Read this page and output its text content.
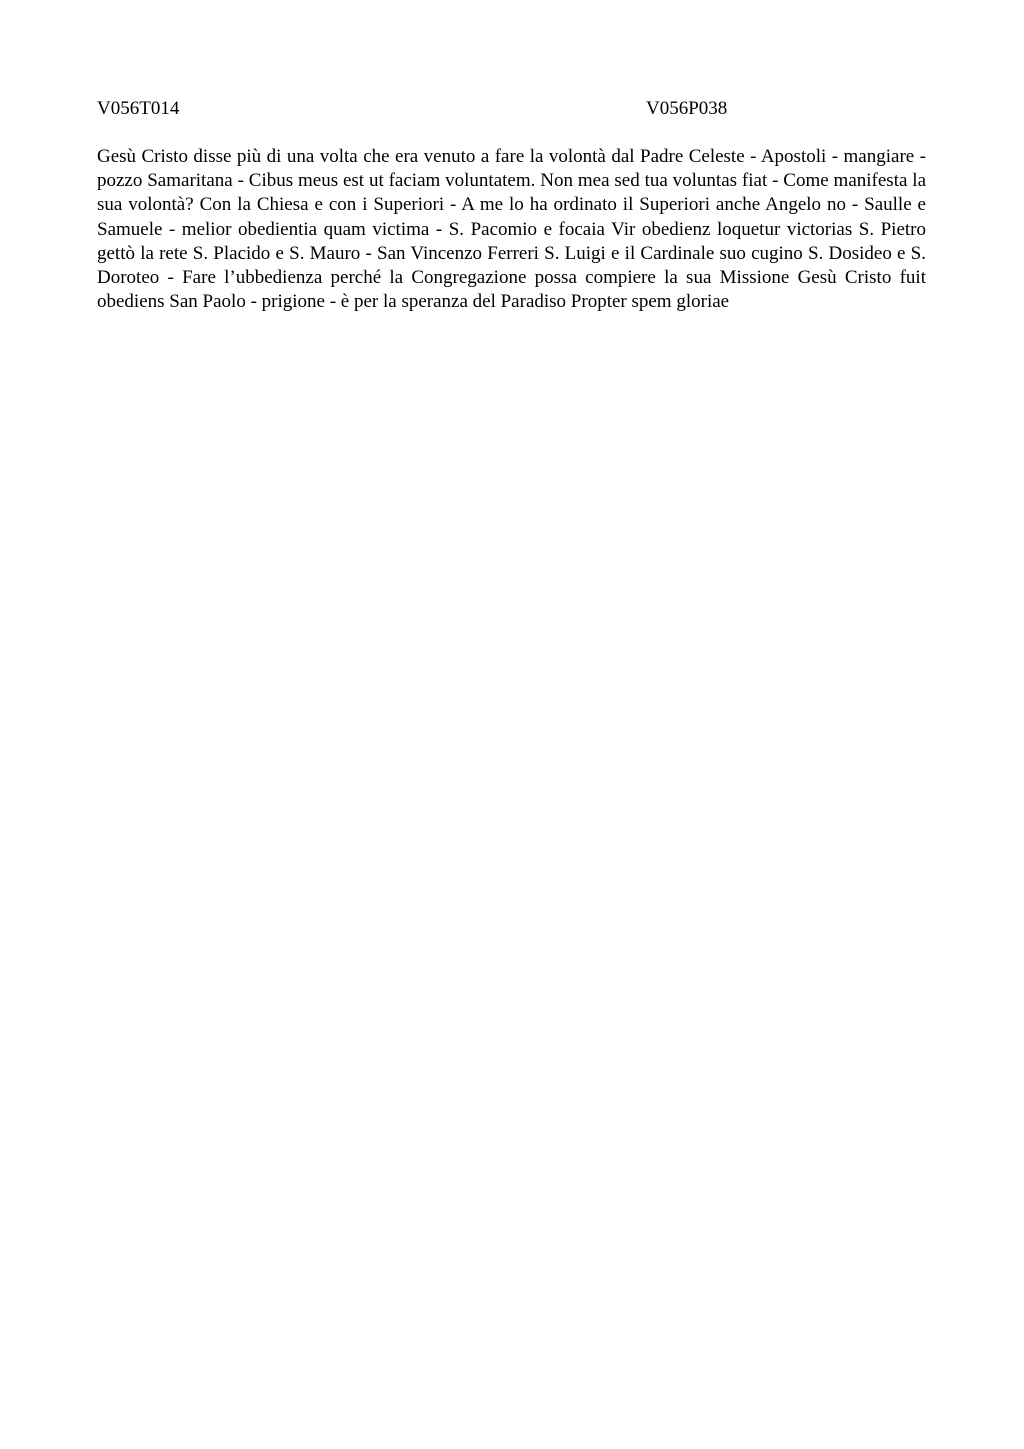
V056T014	V056P038

Gesù Cristo disse più di una volta che era venuto a fare la volontà dal Padre Celeste - Apostoli - mangiare - pozzo Samaritana - Cibus meus est ut faciam voluntatem. Non mea sed tua voluntas fiat - Come manifesta la sua volontà? Con la Chiesa e con i Superiori - A me lo ha ordinato il Superiori anche Angelo no - Saulle e Samuele - melior obedientia quam victima - S. Pacomio e focaia Vir obedienz loquetur victorias S. Pietro gettò la rete S. Placido e S. Mauro - San Vincenzo Ferreri S. Luigi e il Cardinale suo cugino S. Dosideo e S. Doroteo - Fare l’ubbedienza perché la Congregazione possa compiere la sua Missione Gesù Cristo fuit obediens San Paolo - prigione - è per la speranza del Paradiso Propter spem gloriae
